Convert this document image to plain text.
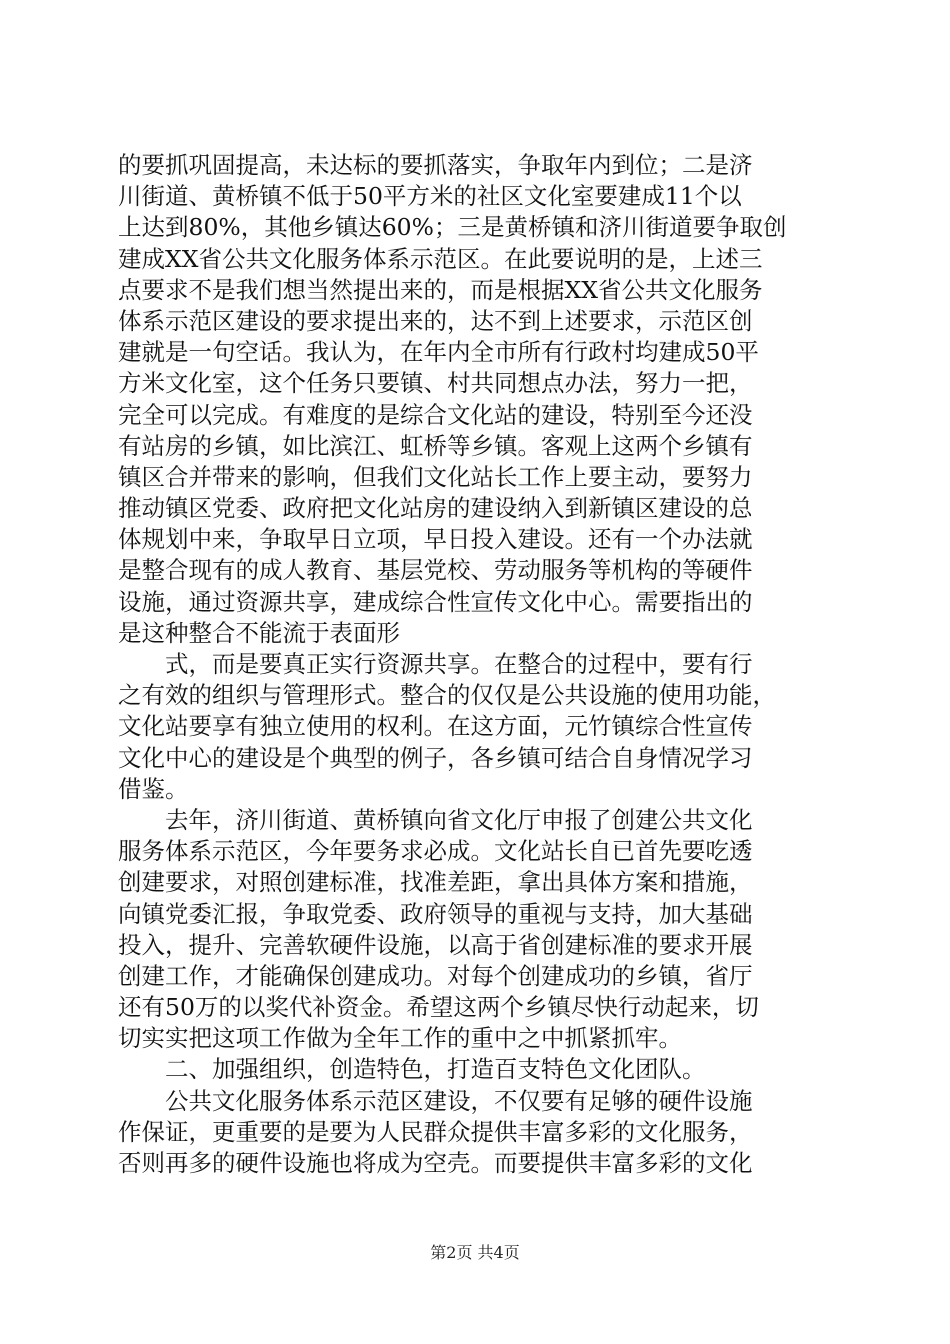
的要抓巩固提高，未达标的要抓落实，争取年内到位；二是济

川街道、黄桥镇不低于50平方米的社区文化室要建成11个以

上达到80%，其他乡镇达60%；三是黄桥镇和济川街道要争取创

建成XX省公共文化服务体系示范区。在此要说明的是，上述三

点要求不是我们想当然提出来的，而是根据XX省公共文化服务

体系示范区建设的要求提出来的，达不到上述要求，示范区创

建就是一句空话。我认为，在年内全市所有行政村均建成50平

方米文化室，这个任务只要镇、村共同想点办法，努力一把，

完全可以完成。有难度的是综合文化站的建设，特别至今还没

有站房的乡镇，如比滨江、虹桥等乡镇。客观上这两个乡镇有

镇区合并带来的影响，但我们文化站长工作上要主动，要努力

推动镇区党委、政府把文化站房的建设纳入到新镇区建设的总

体规划中来，争取早日立项，早日投入建设。还有一个办法就

是整合现有的成人教育、基层党校、劳动服务等机构的等硬件

设施，通过资源共享，建成综合性宣传文化中心。需要指出的

是这种整合不能流于表面形

式，而是要真正实行资源共享。在整合的过程中，要有行

之有效的组织与管理形式。整合的仅仅是公共设施的使用功能，

文化站要享有独立使用的权利。在这方面，元竹镇综合性宣传

文化中心的建设是个典型的例子，各乡镇可结合自身情况学习

借鉴。

去年，济川街道、黄桥镇向省文化厅申报了创建公共文化

服务体系示范区，今年要务求必成。文化站长自已首先要吃透

创建要求，对照创建标准，找准差距，拿出具体方案和措施，

向镇党委汇报，争取党委、政府领导的重视与支持，加大基础

投入，提升、完善软硬件设施，以高于省创建标准的要求开展

创建工作，才能确保创建成功。对每个创建成功的乡镇，省厅

还有50万的以奖代补资金。希望这两个乡镇尽快行动起来，切

切实实把这项工作做为全年工作的重中之中抓紧抓牢。

二、加强组织，创造特色，打造百支特色文化团队。

公共文化服务体系示范区建设，不仅要有足够的硬件设施

作保证，更重要的是要为人民群众提供丰富多彩的文化服务，

否则再多的硬件设施也将成为空壳。而要提供丰富多彩的文化

第2页 共4页
